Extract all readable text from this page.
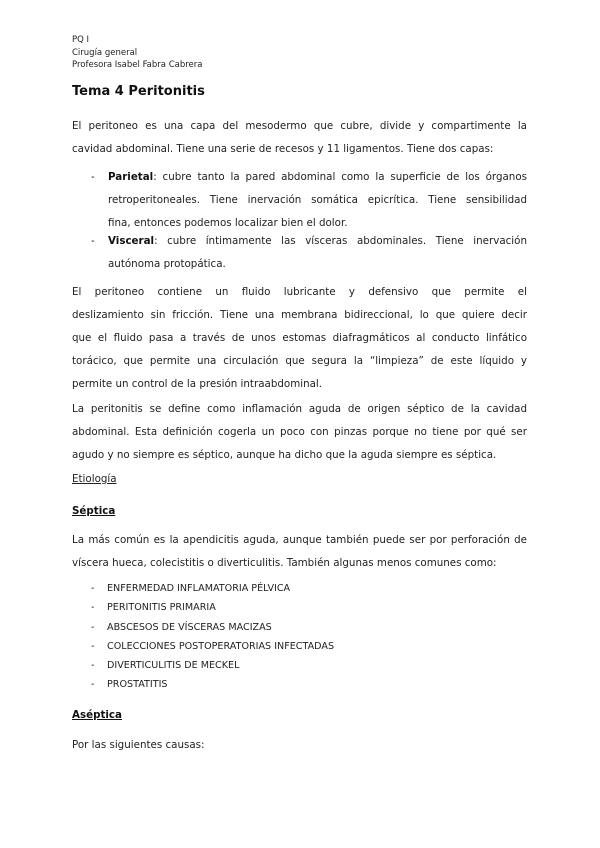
PQ I
Cirugía general
Profesora Isabel Fabra Cabrera
Tema 4 Peritonitis
El peritoneo es una capa del mesodermo que cubre, divide y compartimente la
cavidad abdominal. Tiene una serie de recesos y 11 ligamentos. Tiene dos capas:
- Parietal: cubre tanto la pared abdominal como la superficie de los órganos
retroperitoneales. Tiene inervación somática epicrítica. Tiene sensibilidad
fina, entonces podemos localizar bien el dolor.
- Visceral: cubre íntimamente las vísceras abdominales. Tiene inervación
autónoma protopática.
El peritoneo contiene un fluido lubricante y defensivo que permite el
deslizamiento sin fricción. Tiene una membrana bidireccional, lo que quiere decir
que el fluido pasa a través de unos estomas diafragmáticos al conducto linfático
torácico, que permite una circulación que segura la “limpieza” de este líquido y
permite un control de la presión intraabdominal.
La peritonitis se define como inflamación aguda de origen séptico de la cavidad
abdominal. Esta definición cogerla un poco con pinzas porque no tiene por qué ser
agudo y no siempre es séptico, aunque ha dicho que la aguda siempre es séptica.
Etiología
Séptica
La más común es la apendicitis aguda, aunque también puede ser por perforación de
víscera hueca, colecistitis o diverticulitis. También algunas menos comunes como:
- ENFERMEDAD INFLAMATORIA PÉLVICA
- PERITONITIS PRIMARIA
- ABSCESOS DE VÍSCERAS MACIZAS
- COLECCIONES POSTOPERATORIAS INFECTADAS
- DIVERTICULITIS DE MECKEL
- PROSTATITIS
Aséptica
Por las siguientes causas:
